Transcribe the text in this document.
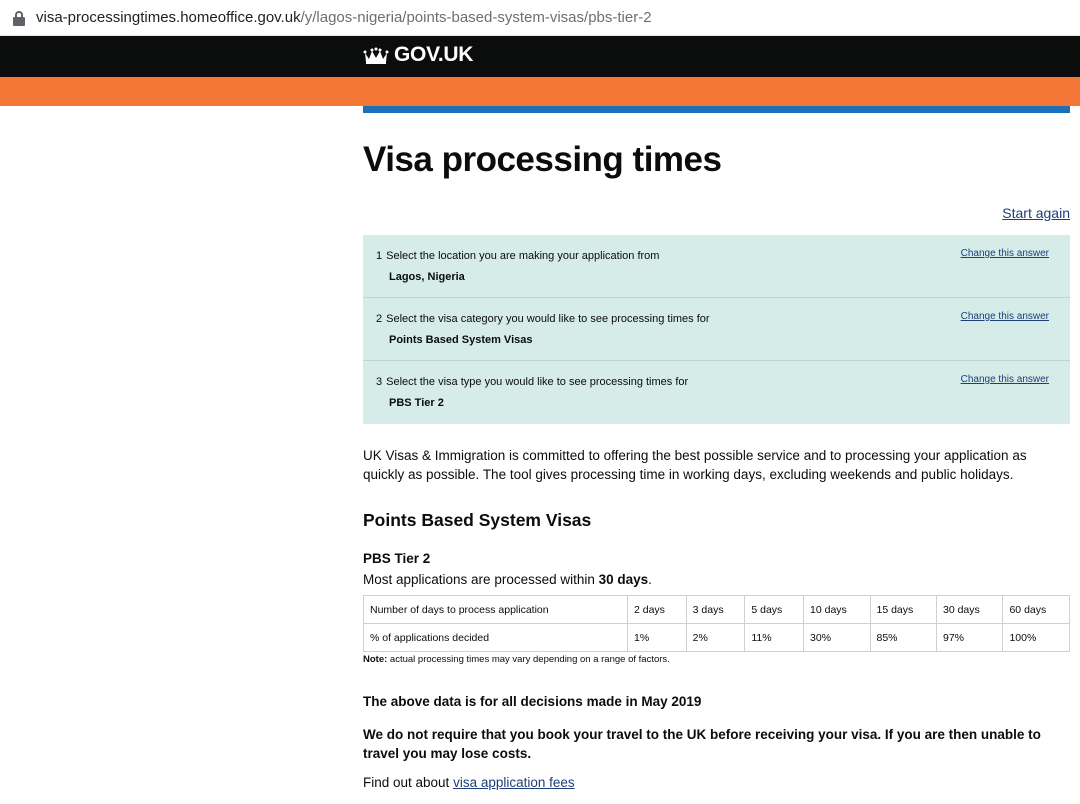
visa-processingtimes.homeoffice.gov.uk/y/lagos-nigeria/points-based-system-visas/pbs-tier-2
GOV.UK
Visa processing times
Start again
1 Select the location you are making your application from
Lagos, Nigeria
Change this answer
2 Select the visa category you would like to see processing times for
Points Based System Visas
Change this answer
3 Select the visa type you would like to see processing times for
PBS Tier 2
Change this answer

UK Visas & Immigration is committed to offering the best possible service and to processing your application as quickly as possible. The tool gives processing time in working days, excluding weekends and public holidays.

Points Based System Visas
PBS Tier 2

Most applications are processed within 30 days.

Number of days to process application	2 days	3 days	5 days	10 days	15 days	30 days	60 days
% of applications decided	1%	2%	11%	30%	85%	97%	100%

Note: actual processing times may vary depending on a range of factors.

The above data is for all decisions made in May 2019

We do not require that you book your travel to the UK before receiving your visa. If you are then unable to travel you may lose costs.

Find out about visa application fees
